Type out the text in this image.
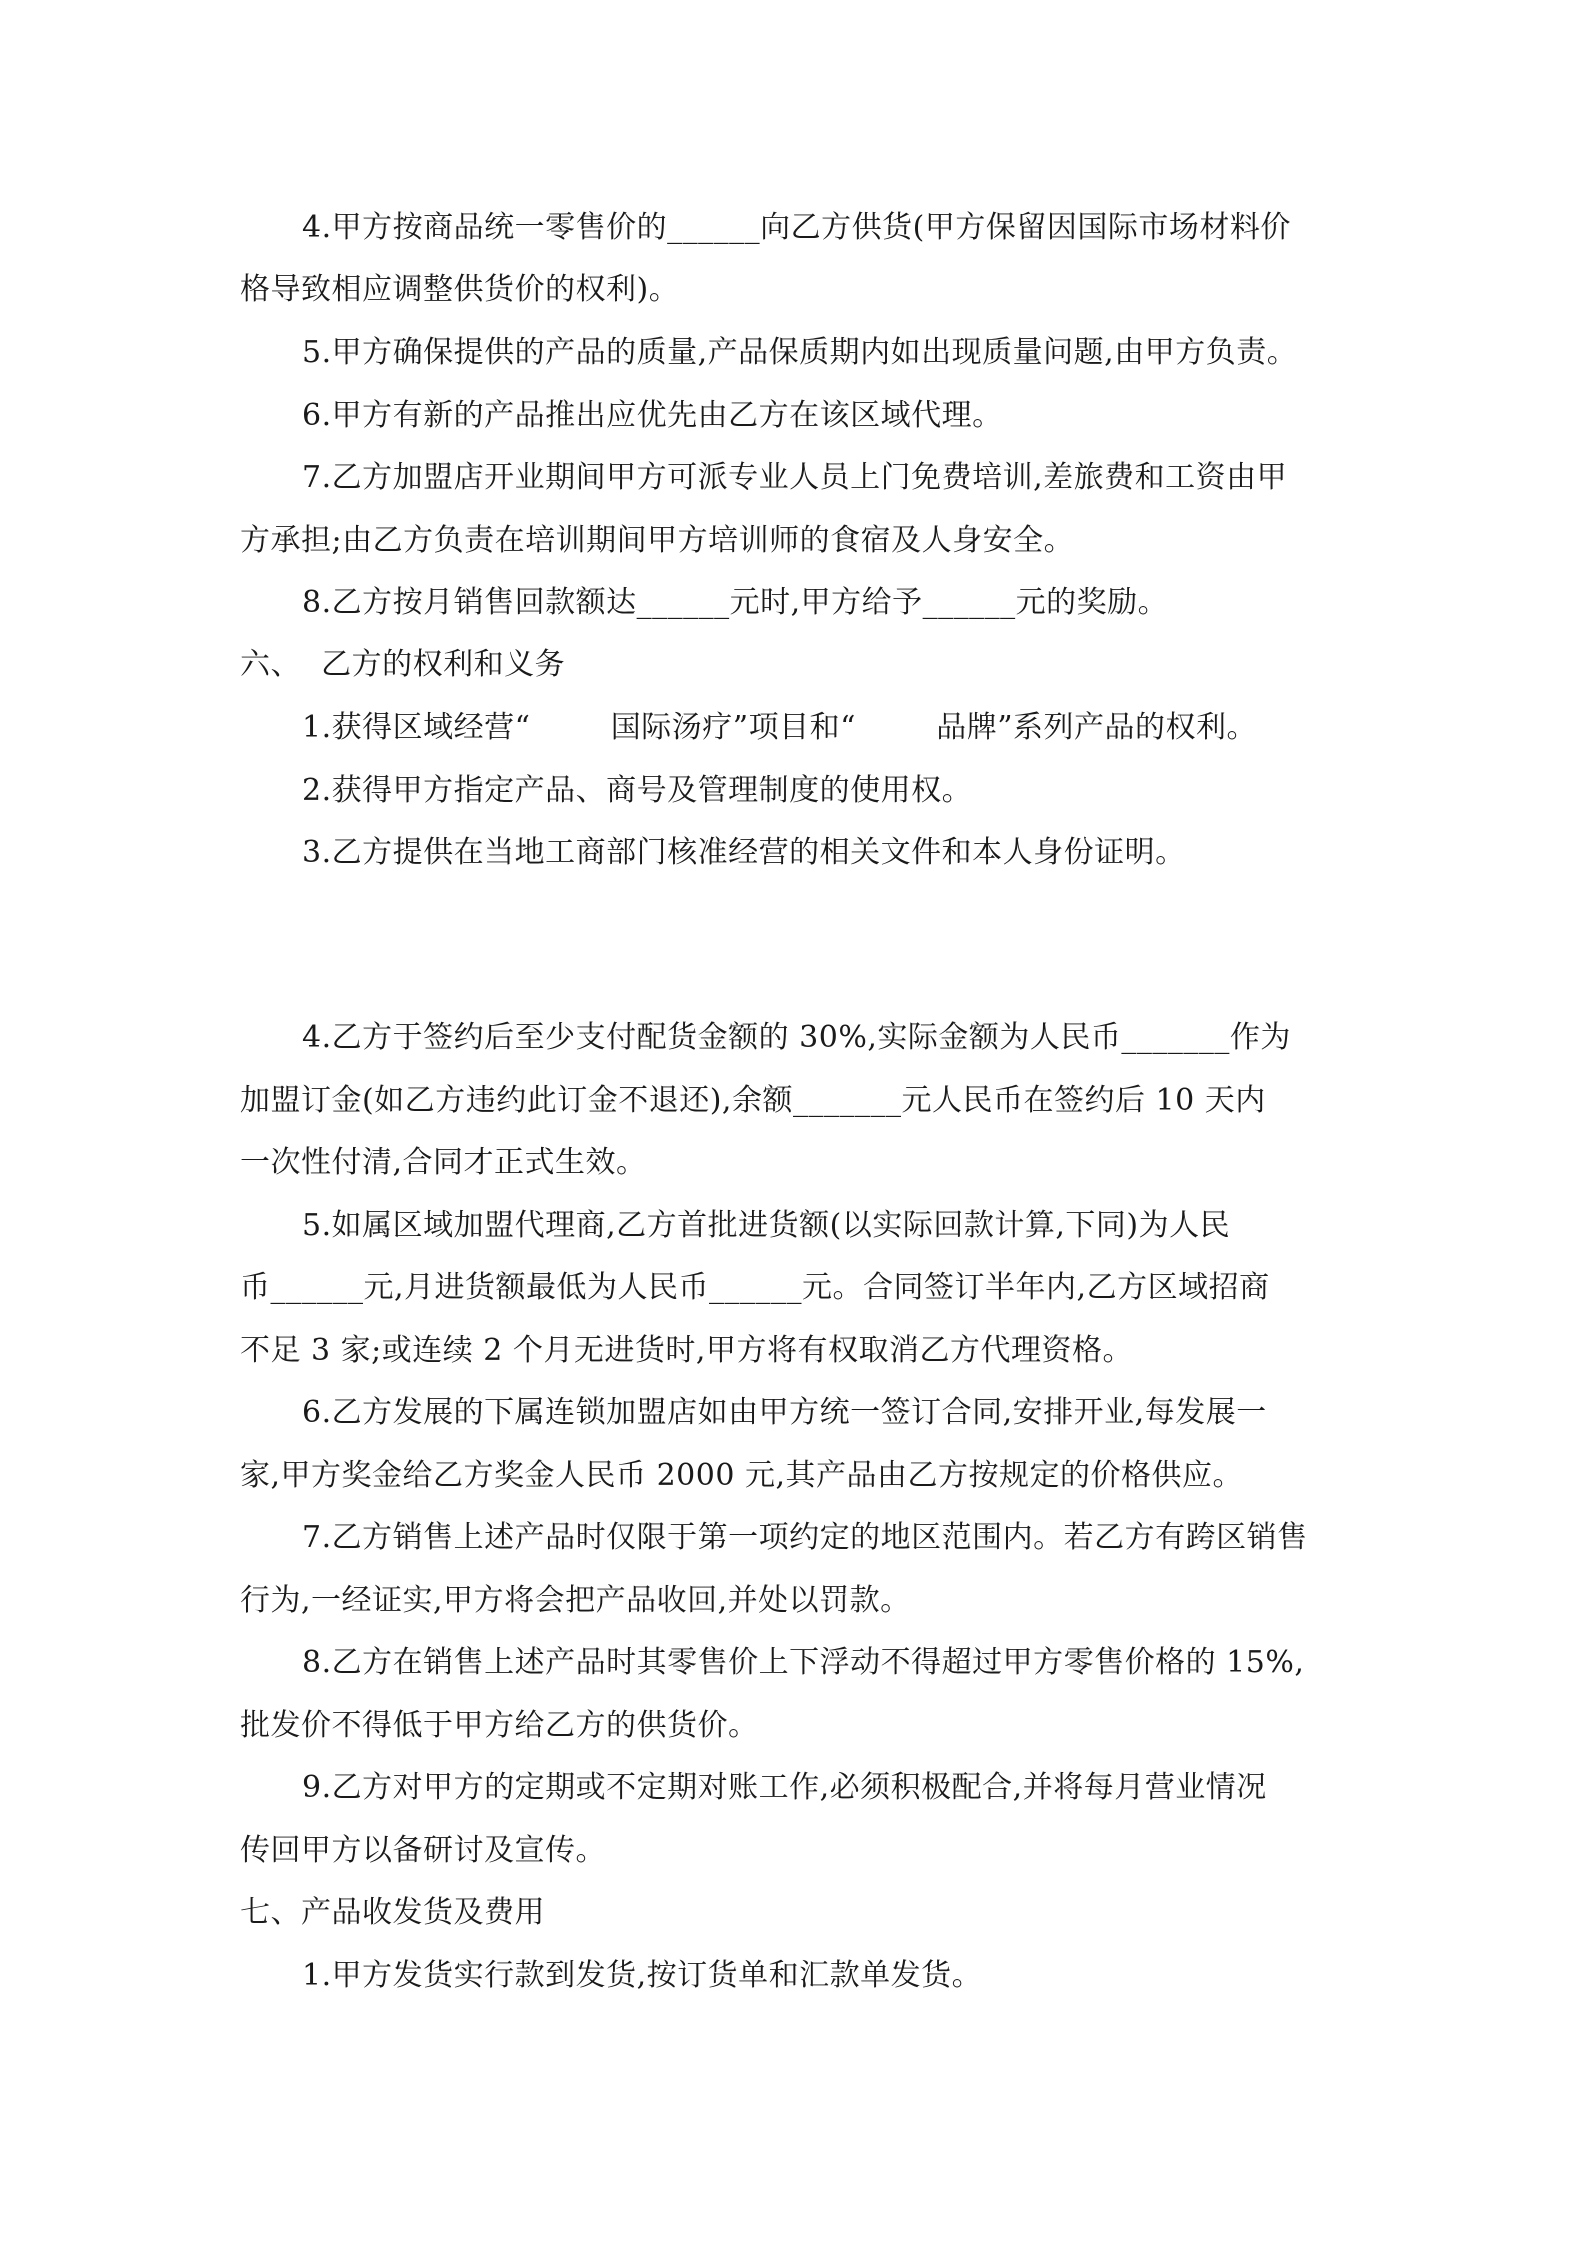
4.甲方按商品统一零售价的______向乙方供货(甲方保留因国际市场材料价
格导致相应调整供货价的权利)。
5.甲方确保提供的产品的质量,产品保质期内如出现质量问题,由甲方负责。
6.甲方有新的产品推出应优先由乙方在该区域代理。
7.乙方加盟店开业期间甲方可派专业人员上门免费培训,差旅费和工资由甲
方承担;由乙方负责在培训期间甲方培训师的食宿及人身安全。
8.乙方按月销售回款额达______元时,甲方给予______元的奖励。
六、  乙方的权利和义务
1.获得区域经营“        国际汤疗”项目和“        品牌”系列产品的权利。
2.获得甲方指定产品、商号及管理制度的使用权。
3.乙方提供在当地工商部门核准经营的相关文件和本人身份证明。
4.乙方于签约后至少支付配货金额的 30%,实际金额为人民币_______作为
加盟订金(如乙方违约此订金不退还),余额_______元人民币在签约后 10 天内
一次性付清,合同才正式生效。
5.如属区域加盟代理商,乙方首批进货额(以实际回款计算,下同)为人民
币______元,月进货额最低为人民币______元。合同签订半年内,乙方区域招商
不足 3 家;或连续 2 个月无进货时,甲方将有权取消乙方代理资格。
6.乙方发展的下属连锁加盟店如由甲方统一签订合同,安排开业,每发展一
家,甲方奖金给乙方奖金人民币 2000 元,其产品由乙方按规定的价格供应。
7.乙方销售上述产品时仅限于第一项约定的地区范围内。若乙方有跨区销售
行为,一经证实,甲方将会把产品收回,并处以罚款。
8.乙方在销售上述产品时其零售价上下浮动不得超过甲方零售价格的 15%,
批发价不得低于甲方给乙方的供货价。
9.乙方对甲方的定期或不定期对账工作,必须积极配合,并将每月营业情况
传回甲方以备研讨及宣传。
七、产品收发货及费用
1.甲方发货实行款到发货,按订货单和汇款单发货。
